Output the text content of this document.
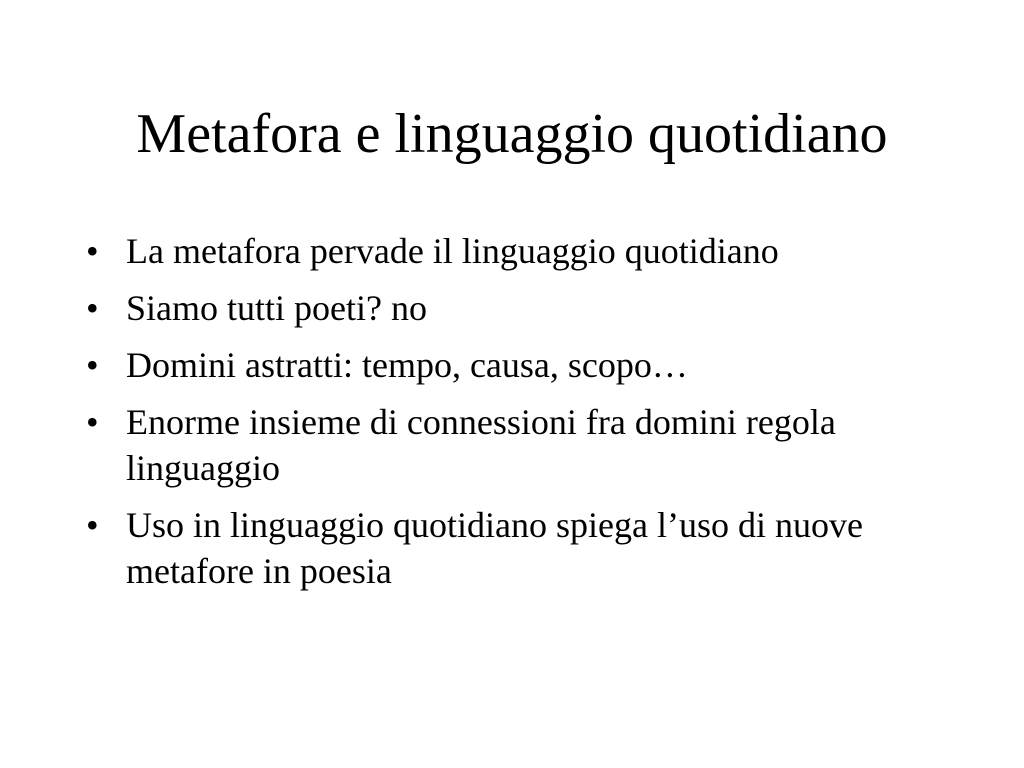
Metafora e linguaggio quotidiano
• La metafora pervade il linguaggio quotidiano
• Siamo tutti poeti? no
• Domini astratti: tempo, causa, scopo…
• Enorme insieme di connessioni fra domini regola linguaggio
• Uso in linguaggio quotidiano spiega l’uso di nuove metafore in poesia
